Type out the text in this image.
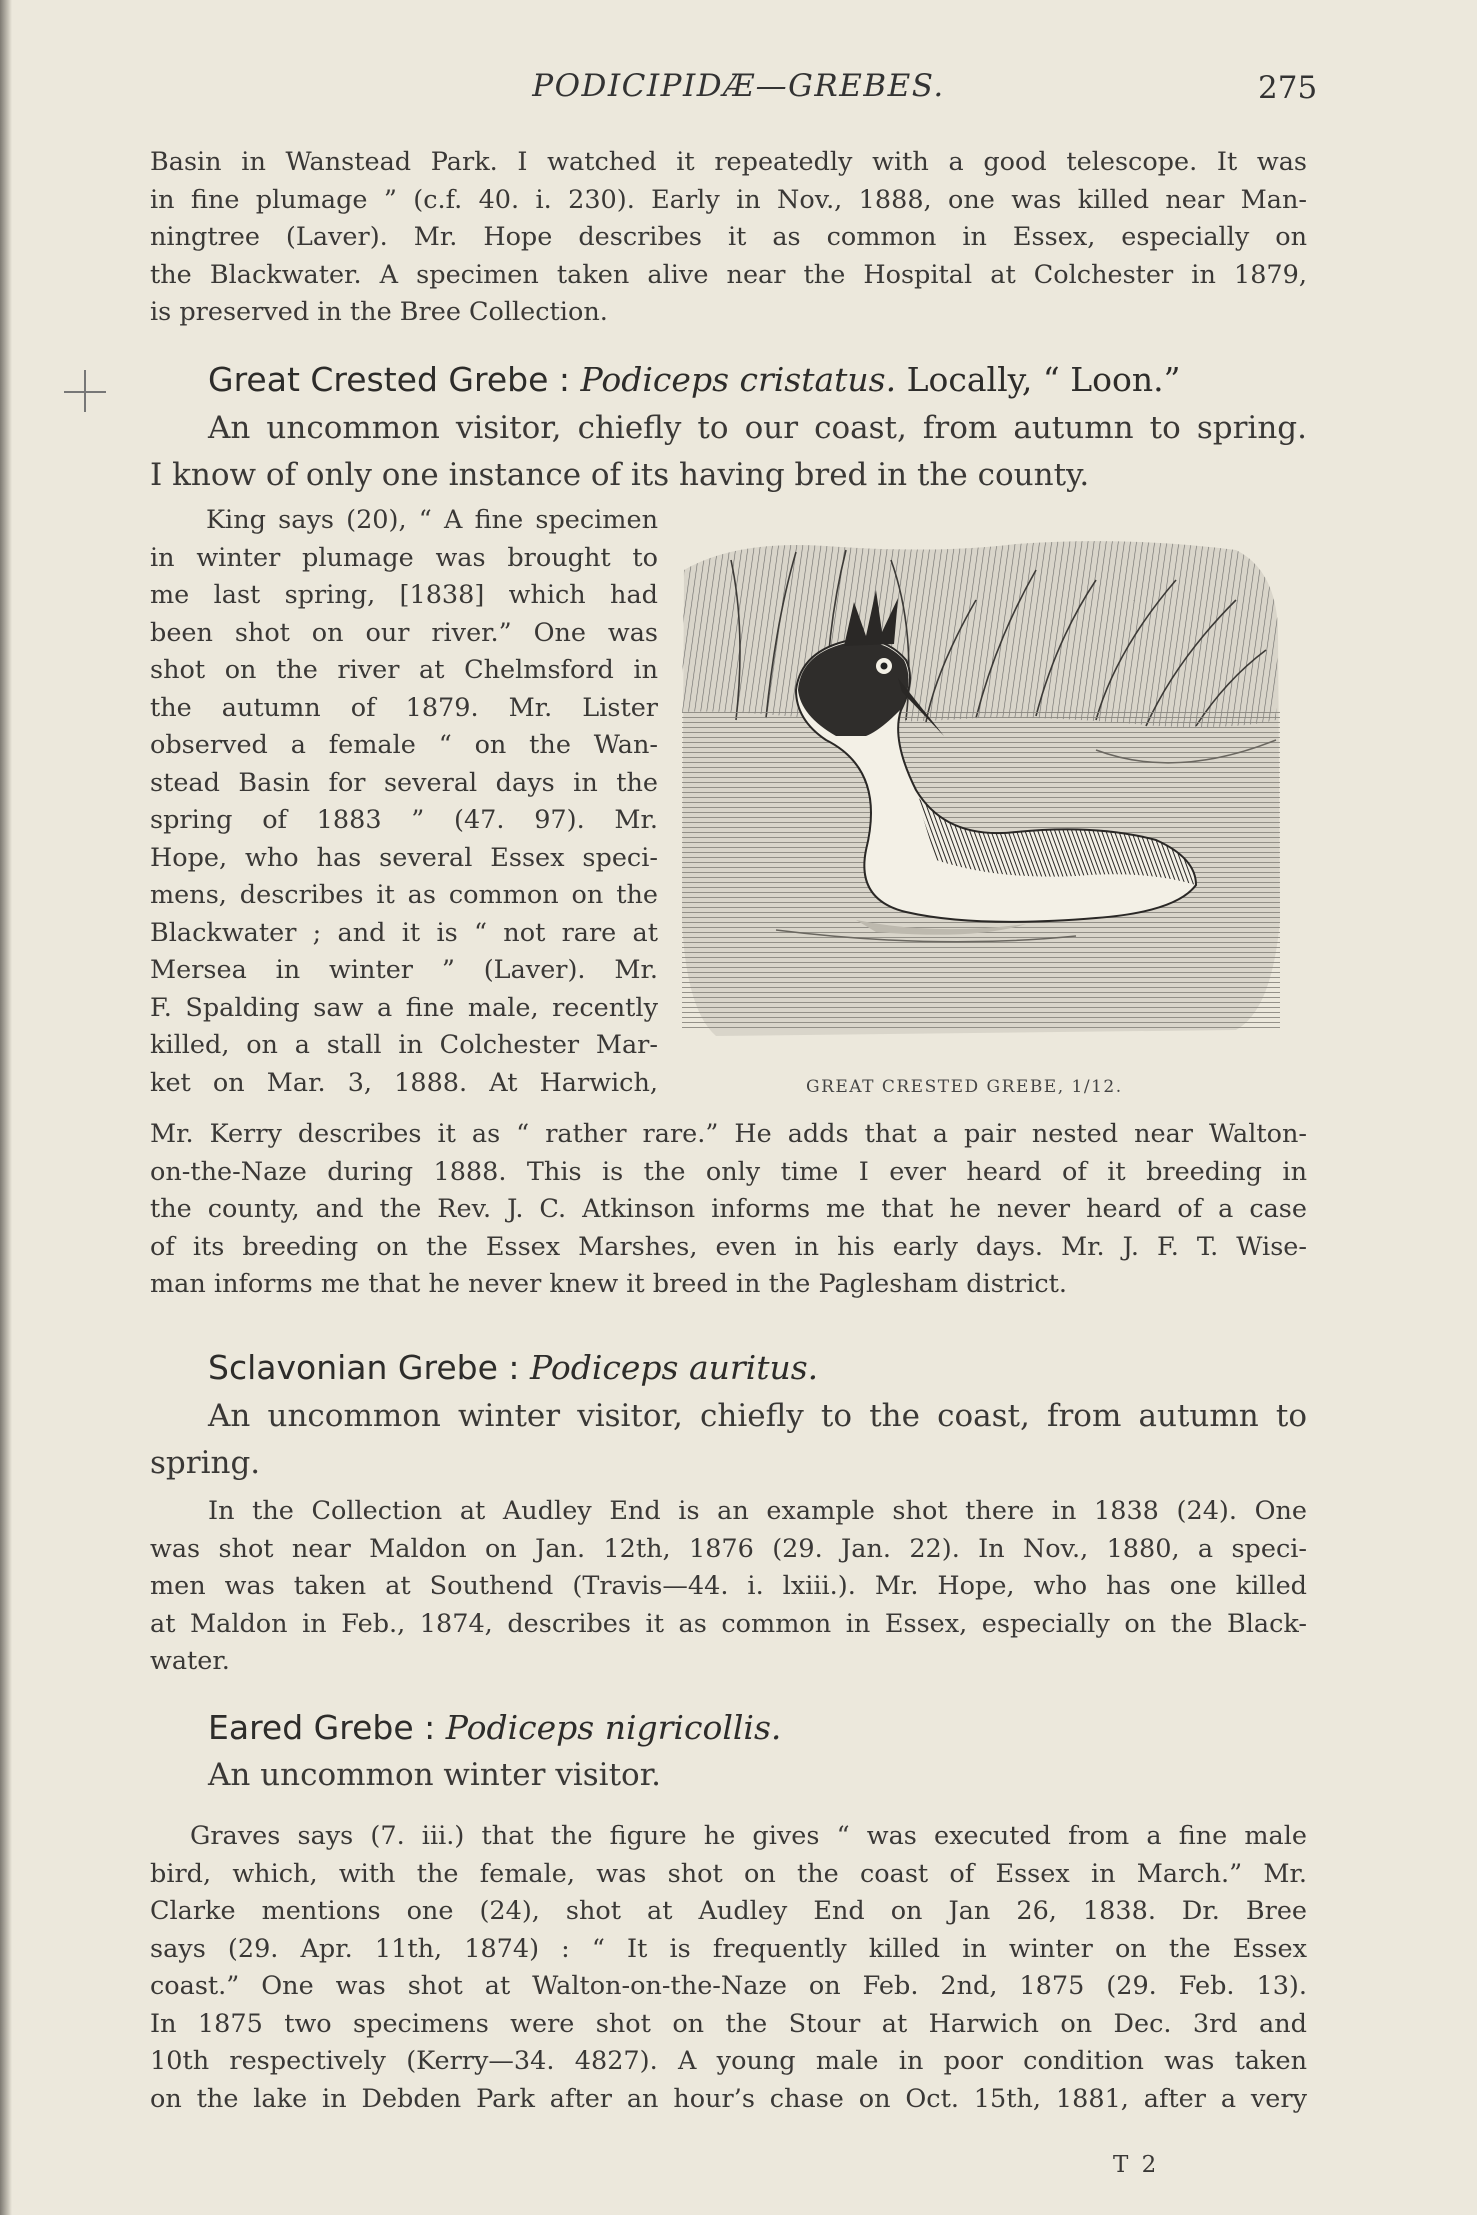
PODICIPIDÆ—GREBES.	275
Basin in Wanstead Park. I watched it repeatedly with a good telescope. It was
in fine plumage ” (c.f. 40. i. 230). Early in Nov., 1888, one was killed near Man-
ningtree (Laver). Mr. Hope describes it as common in Essex, especially on
the Blackwater. A specimen taken alive near the Hospital at Colchester in 1879,
is preserved in the Bree Collection.
Great Crested Grebe : Podiceps cristatus. Locally, “ Loon.”
An uncommon visitor, chiefly to our coast, from autumn to spring.
I know of only one instance of its having bred in the county.
King says (20), “ A fine specimen
in winter plumage was brought to
me last spring, [1838] which had
been shot on our river.” One was
shot on the river at Chelmsford in
the autumn of 1879. Mr. Lister
observed a female “ on the Wan-
stead Basin for several days in the
spring of 1883 ” (47. 97). Mr.
Hope, who has several Essex speci-
mens, describes it as common on the
Blackwater ; and it is “ not rare at
Mersea in winter ” (Laver). Mr.
F. Spalding saw a fine male, recently
killed, on a stall in Colchester Mar-
ket on Mar. 3, 1888. At Harwich,	GREAT CRESTED GREBE, 1/12.
Mr. Kerry describes it as “ rather rare.” He adds that a pair nested near Walton-
on-the-Naze during 1888. This is the only time I ever heard of it breeding in
the county, and the Rev. J. C. Atkinson informs me that he never heard of a case
of its breeding on the Essex Marshes, even in his early days. Mr. J. F. T. Wise-
man informs me that he never knew it breed in the Paglesham district.
Sclavonian Grebe : Podiceps auritus.
An uncommon winter visitor, chiefly to the coast, from autumn to
spring.
In the Collection at Audley End is an example shot there in 1838 (24). One
was shot near Maldon on Jan. 12th, 1876 (29. Jan. 22). In Nov., 1880, a speci-
men was taken at Southend (Travis—44. i. lxiii.). Mr. Hope, who has one killed
at Maldon in Feb., 1874, describes it as common in Essex, especially on the Black-
water.
Eared Grebe : Podiceps nigricollis.
An uncommon winter visitor.
Graves says (7. iii.) that the figure he gives “ was executed from a fine male
bird, which, with the female, was shot on the coast of Essex in March.” Mr.
Clarke mentions one (24), shot at Audley End on Jan 26, 1838. Dr. Bree
says (29. Apr. 11th, 1874) : “ It is frequently killed in winter on the Essex
coast.” One was shot at Walton-on-the-Naze on Feb. 2nd, 1875 (29. Feb. 13).
In 1875 two specimens were shot on the Stour at Harwich on Dec. 3rd and
10th respectively (Kerry—34. 4827). A young male in poor condition was taken
on the lake in Debden Park after an hour’s chase on Oct. 15th, 1881, after a very
T 2
